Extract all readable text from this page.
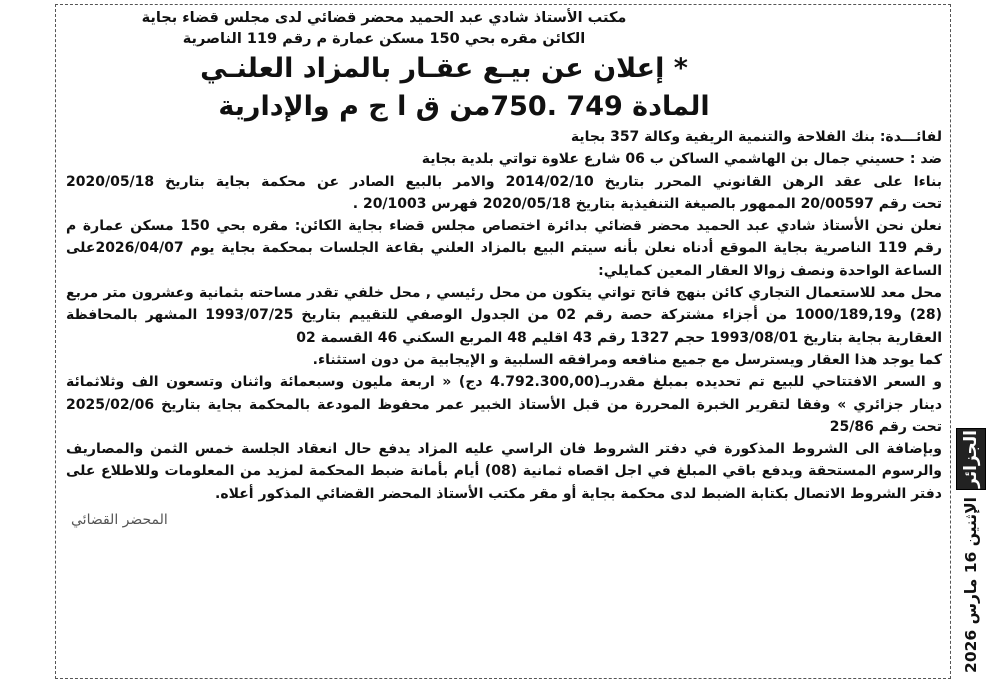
مكتب الأستاذ شادي عبد الحميد محضر قضائي لدى مجلس قضاء بجاية
الكائن مقره بحي 150 مسكن عمارة م رقم 119 الناصرية
* إعلان عن بيـع عقـار بالمزاد العلنـي
المادة 749 .750من ق ا ج م والإدارية
لفائـــدة: بنك الفلاحة والتنمية الريفية وكالة 357 بجاية
ضد : حسيني جمال بن الهاشمي الساكن ب 06 شارع علاوة تواتي بلدية بجاية
بناءا على عقد الرهن القانوني المحرر بتاريخ 2014/02/10 والامر بالبيع الصادر عن محكمة بجاية بتاريخ 2020/05/18
تحت رقم 20/00597 الممهور بالصيغة التنفيذية بتاريخ 2020/05/18 فهرس 20/1003 .
نعلن نحن الأستاذ شادي عبد الحميد محضر قضائي بدائرة اختصاص مجلس قضاء بجاية الكائن: مقره بحي 150 مسكن عمارة م
رقم 119 الناصرية بجاية الموقع أدناه نعلن بأنه سيتم البيع بالمزاد العلني بقاعة الجلسات بمحكمة بجاية يوم 2026/04/07على
الساعة الواحدة ونصف زوالا العقار المعين كمايلي:
محل معد للاستعمال التجاري كائن بنهج فاتح تواتي يتكون من محل رئيسي , محل خلفي تقدر مساحته بثمانية وعشرون متر مربع
(28) و1000/189,19 من أجزاء مشتركة حصة رقم 02 من الجدول الوصفي للتقييم بتاريخ 1993/07/25 المشهر بالمحافظة
العقارية بجاية بتاريخ 1993/08/01 حجم 1327 رقم 43 اقليم 48 المربع السكني 46 القسمة 02
كما يوجد هذا العقار ويسترسل مع جميع منافعه ومرافقه السلبية و الإيجابية من دون استثناء.
و السعر الافتتاحي للبيع تم تحديده بمبلغ مقدربـ(4.792.300,00 دج) « اربعة مليون وسبعمائة واثنان وتسعون الف وثلاثمائة
دينار جزائري » وفقا لتقرير الخبرة المحررة من قبل الأستاذ الخبير عمر محفوظ المودعة بالمحكمة بجاية بتاريخ 2025/02/06
تحت رقم 25/86
وبإضافة الى الشروط المذكورة في دفتر الشروط فان الراسي عليه المزاد يدفع حال انعقاد الجلسة خمس الثمن والمصاريف
والرسوم المستحقة ويدفع باقي المبلغ في اجل اقصاه ثمانية (08) أيام بأمانة ضبط المحكمة لمزيد من المعلومات وللاطلاع على
دفتر الشروط الاتصال بكتابة الضبط لدى محكمة بجاية أو مقر مكتب الأستاذ المحضر القضائي المذكور أعلاه.
المحضر القضائي
الجزائر
الإثنين 16 مارس 2026
